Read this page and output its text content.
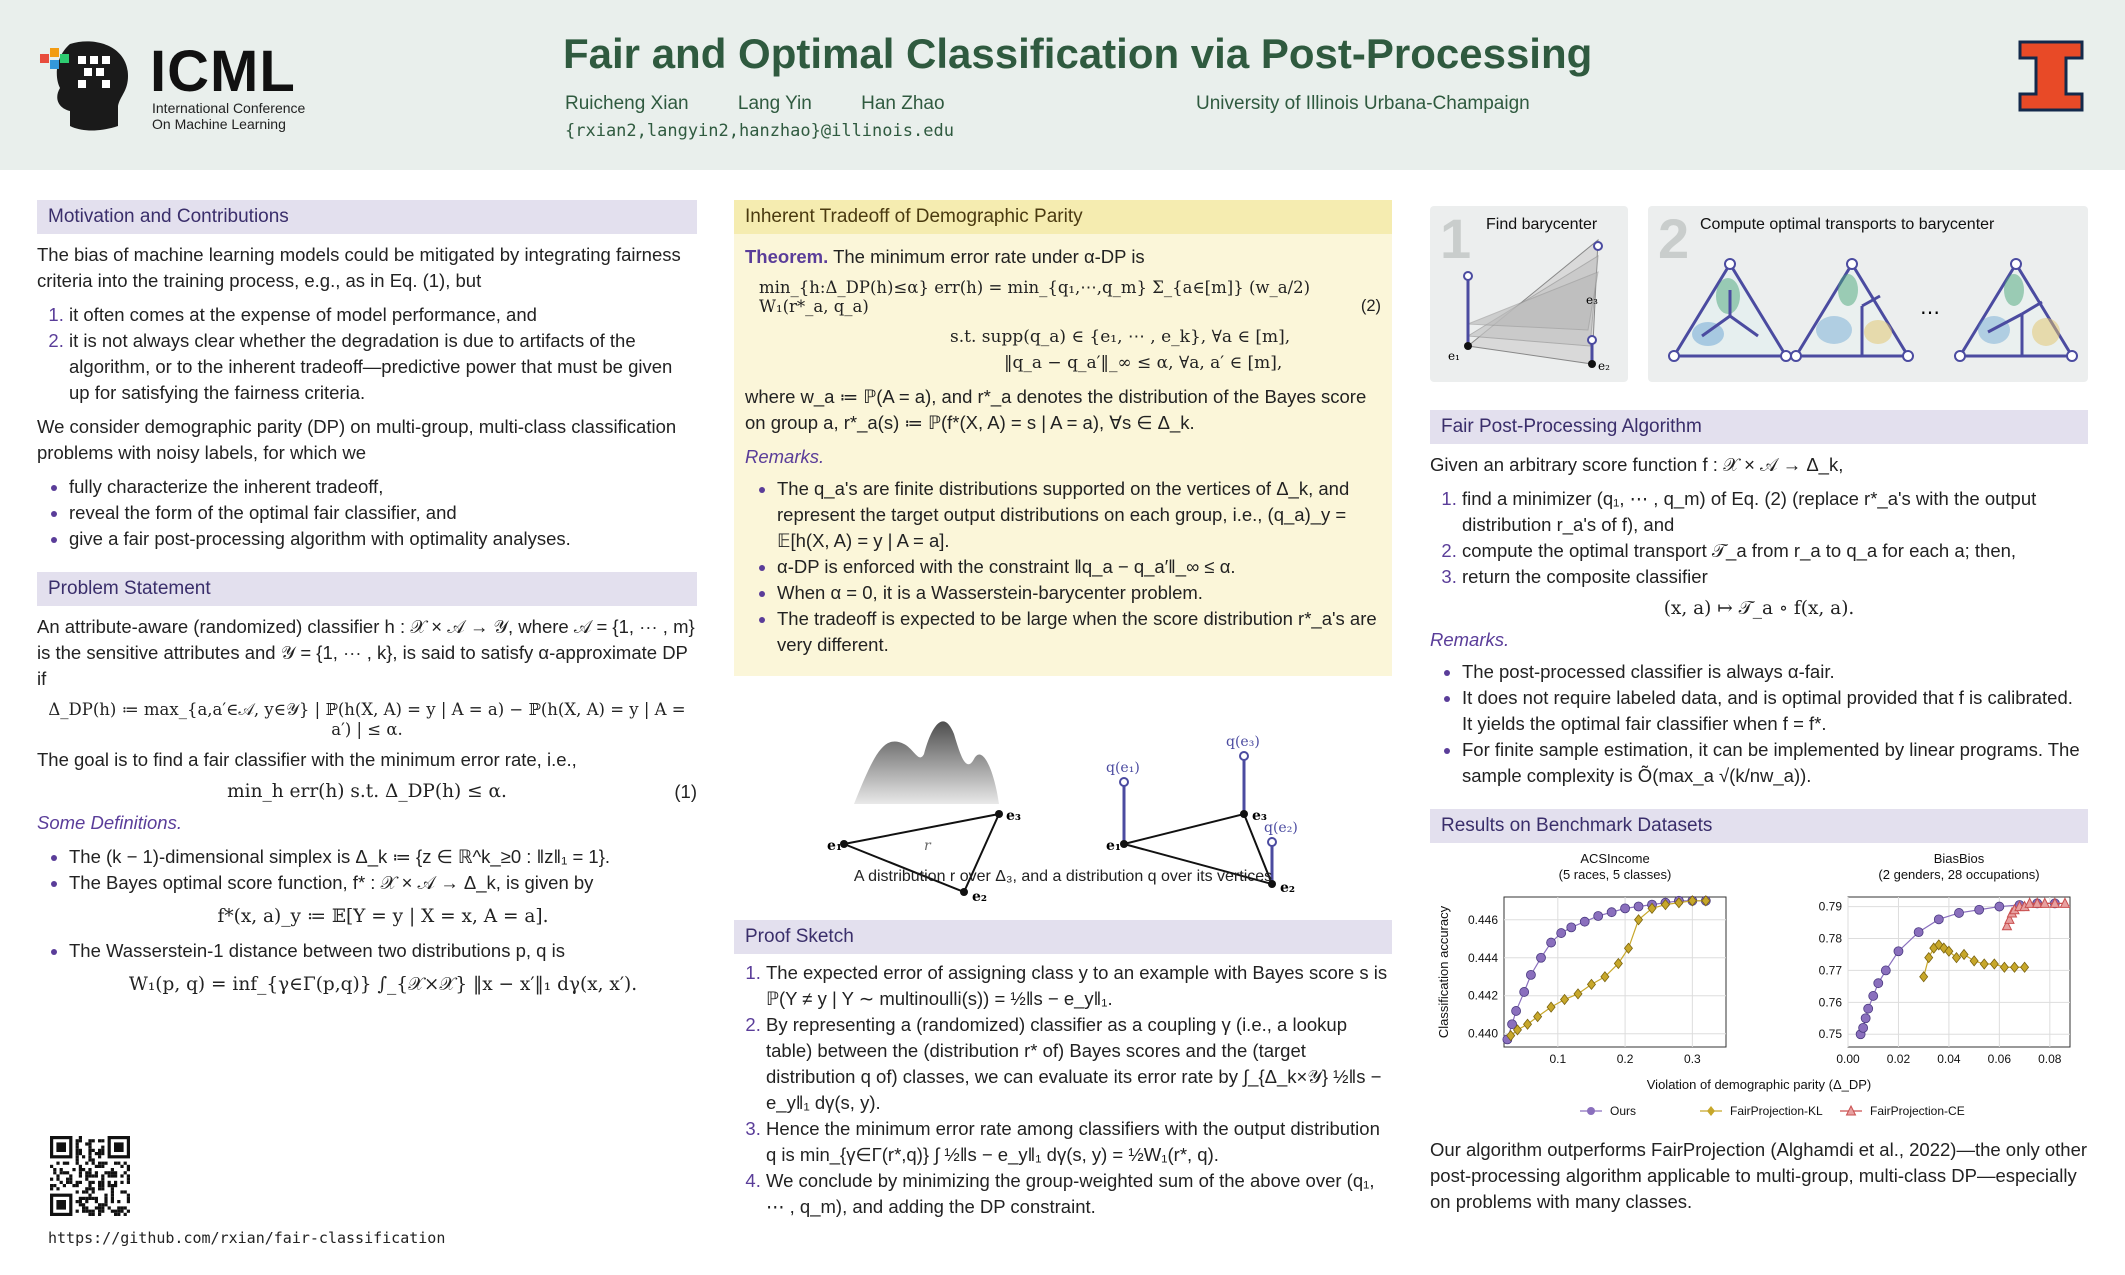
ICML
International Conference
On Machine Learning
Fair and Optimal Classification via Post-Processing
Ruicheng Xian	Lang Yin	Han Zhao
{rxian2,langyin2,hanzhao}@illinois.edu
University of Illinois Urbana-Champaign
Motivation and Contributions

The bias of machine learning models could be mitigated by integrating fairness criteria into the training process, e.g., as in Eq. (1), but

1. it often comes at the expense of model performance, and
2. it is not always clear whether the degradation is due to artifacts of the algorithm, or to the inherent tradeoff—predictive power that must be given up for satisfying the fairness criteria.

We consider demographic parity (DP) on multi-group, multi-class classification problems with noisy labels, for which we

• fully characterize the inherent tradeoff,
• reveal the form of the optimal fair classifier, and
• give a fair post-processing algorithm with optimality analyses.
Problem Statement

An attribute-aware (randomized) classifier h : 𝒳 × 𝒜 → 𝒴, where 𝒜 = {1, ⋯ , m} is the sensitive attributes and 𝒴 = {1, ⋯ , k}, is said to satisfy α-approximate DP if

Δ_DP(h) ≔ max_{a,a′∈𝒜, y∈𝒴} | ℙ(h(X, A) = y | A = a) − ℙ(h(X, A) = y | A = a′) | ≤ α.

The goal is to find a fair classifier with the minimum error rate, i.e.,

min_h err(h) s.t. Δ_DP(h) ≤ α.	(1)

Some Definitions.

• The (k − 1)-dimensional simplex is Δ_k ≔ {z ∈ ℝ^k_≥0 : ‖z‖₁ = 1}.
• The Bayes optimal score function, f* : 𝒳 × 𝒜 → Δ_k, is given by
f*(x, a)_y ≔ 𝔼[Y = y | X = x, A = a].
• The Wasserstein-1 distance between two distributions p, q is
W₁(p, q) = inf_{γ∈Γ(p,q)} ∫_{𝒳×𝒳} ‖x − x′‖₁ dγ(x, x′).
https://github.com/rxian/fair-classification
Inherent Tradeoff of Demographic Parity

Theorem. The minimum error rate under α-DP is

min_{h:Δ_DP(h)≤α} err(h) = min_{q₁,⋯,q_m} Σ_{a∈[m]} (w_a/2) W₁(r*_a, q_a)	(2)
s.t. supp(q_a) ∈ {e₁, ⋯ , e_k}, ∀a ∈ [m],
‖q_a − q_a′‖_∞ ≤ α, ∀a, a′ ∈ [m],

where w_a ≔ ℙ(A = a), and r*_a denotes the distribution of the Bayes score on group a, r*_a(s) ≔ ℙ(f*(X, A) = s | A = a), ∀s ∈ Δ_k.

Remarks.

• The q_a's are finite distributions supported on the vertices of Δ_k, and represent the target output distributions on each group, i.e., (q_a)_y = 𝔼[h(X, A) = y | A = a].
• α-DP is enforced with the constraint ‖q_a − q_a′‖_∞ ≤ α.
• When α = 0, it is a Wasserstein-barycenter problem.
• The tradeoff is expected to be large when the score distribution r*_a's are very different.
e₁
e₃
e₂
r	e₁
e₃
e₂
q(e₁)
q(e₃)
q(e₂)
A distribution r over Δ₃, and a distribution q over its vertices
Proof Sketch
1. The expected error of assigning class y to an example with Bayes score s is ℙ(Y ≠ y | Y ∼ multinoulli(s)) = ½‖s − e_y‖₁.
2. By representing a (randomized) classifier as a coupling γ (i.e., a lookup table) between the (distribution r* of) Bayes scores and the (target distribution q of) classes, we can evaluate its error rate by ∫_{Δ_k×𝒴} ½‖s − e_y‖₁ dγ(s, y).
3. Hence the minimum error rate among classifiers with the output distribution q is min_{γ∈Γ(r*,q)} ∫ ½‖s − e_y‖₁ dγ(s, y) = ½W₁(r*, q).
4. We conclude by minimizing the group-weighted sum of the above over (q₁, ⋯ , q_m), and adding the DP constraint.
1 Find barycenter
e₁
e₃
e₂
2 Compute optimal transports to barycenter
…
Fair Post-Processing Algorithm

Given an arbitrary score function f : 𝒳 × 𝒜 → Δ_k,

1. find a minimizer (q₁, ⋯ , q_m) of Eq. (2) (replace r*_a's with the output distribution r_a's of f), and
2. compute the optimal transport 𝒯_a from r_a to q_a for each a; then,
3. return the composite classifier
(x, a) ↦ 𝒯_a ∘ f(x, a).

Remarks.

• The post-processed classifier is always α-fair.
• It does not require labeled data, and is optimal provided that f is calibrated. It yields the optimal fair classifier when f = f*.
• For finite sample estimation, it can be implemented by linear programs. The sample complexity is Õ(max_a √(k/nw_a)).
Results on Benchmark Datasets
ACSIncome
(5 races, 5 classes)
0.1	0.2	0.3
0.440
0.442
0.444
0.446
BiasBios
(2 genders, 28 occupations)
0.00 0.02 0.04 0.06 0.08
0.75
0.76
0.77
0.78
0.79
Classification accuracy
Violation of demographic parity (Δ_DP)
Ours	FairProjection-KL	FairProjection-CE

Our algorithm outperforms FairProjection (Alghamdi et al., 2022)—the only other post-processing algorithm applicable to multi-group, multi-class DP—especially on problems with many classes.
